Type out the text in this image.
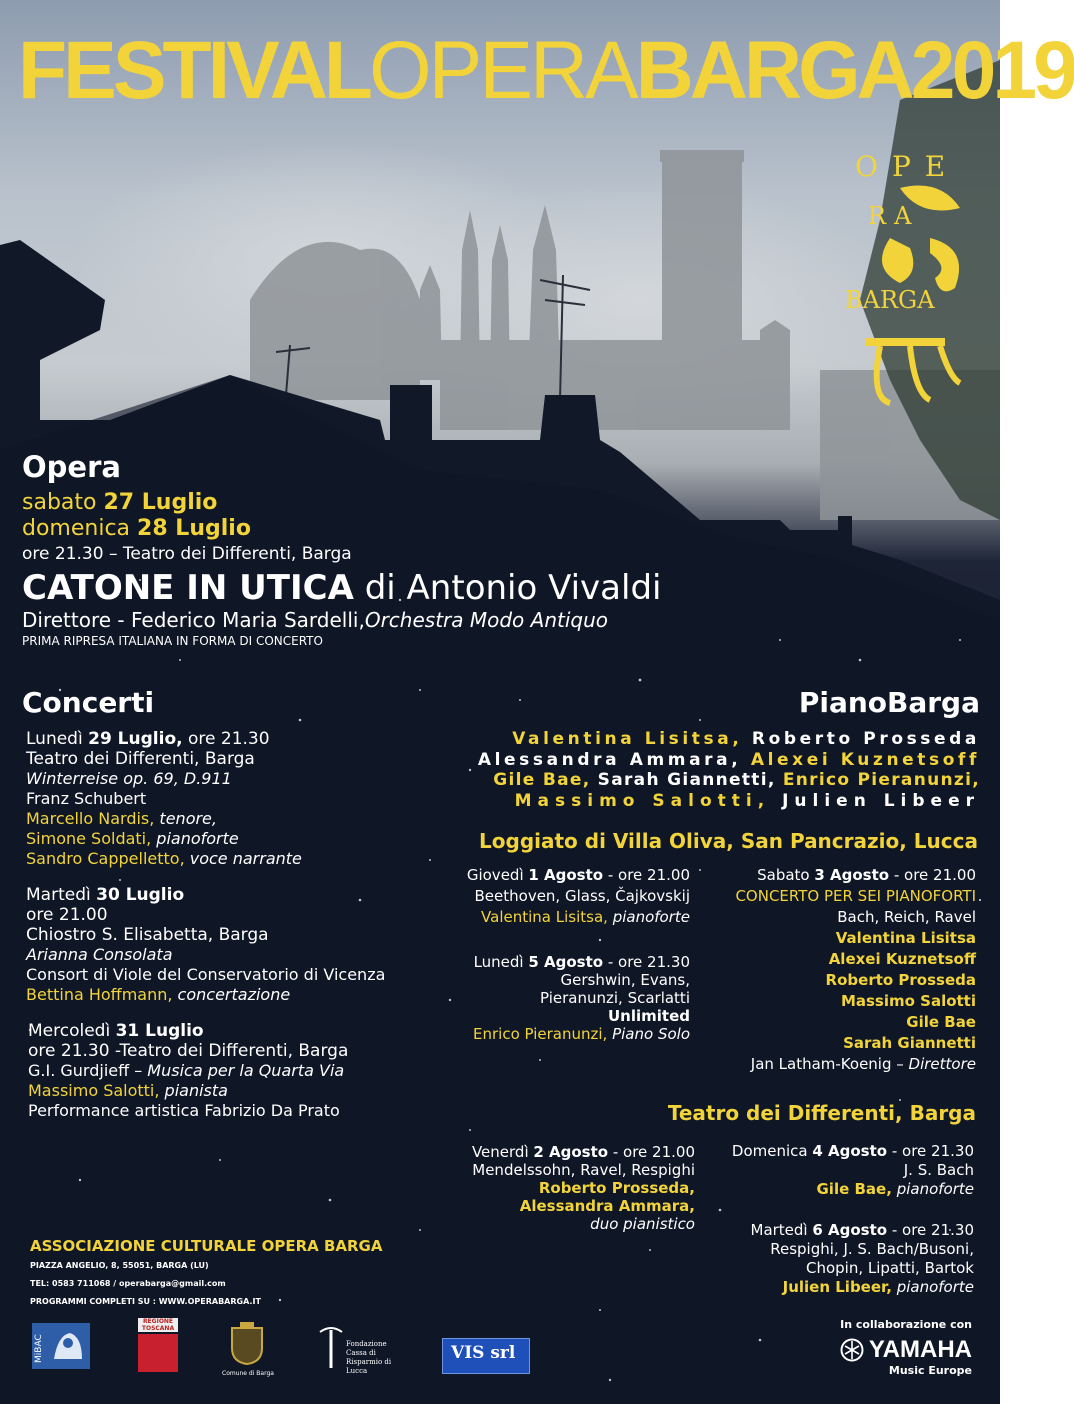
FESTIVALOPERABARGA2019
OPE
RA
BARGA

Opera

sabato 27 Luglio

domenica 28 Luglio

ore 21.30 – Teatro dei Differenti, Barga

CATONE IN UTICA di Antonio Vivaldi

Direttore - Federico Maria Sardelli,Orchestra Modo Antiquo

PRIMA RIPRESA ITALIANA IN FORMA DI CONCERTO

Concerti

Lunedì 29 Luglio, ore 21.30

Teatro dei Differenti, Barga

Winterreise op. 69, D.911

Franz Schubert

Marcello Nardis, tenore,

Simone Soldati, pianoforte

Sandro Cappelletto, voce narrante

Martedì 30 Luglio

ore 21.00

Chiostro S. Elisabetta, Barga

Arianna Consolata

Consort di Viole del Conservatorio di Vicenza

Bettina Hoffmann, concertazione

Mercoledì 31 Luglio

ore 21.30 -Teatro dei Differenti, Barga

G.I. Gurdjieff – Musica per la Quarta Via

Massimo Salotti, pianista

Performance artistica Fabrizio Da Prato

PianoBarga

Valentina Lisitsa, Roberto Prosseda

Alessandra Ammara, Alexei Kuznetsoff

Gile Bae, Sarah Giannetti, Enrico Pieranunzi,

Massimo Salotti, Julien Libeer

Loggiato di Villa Oliva, San Pancrazio, Lucca

Giovedì 1 Agosto - ore 21.00

Beethoven, Glass, Čajkovskij

Valentina Lisitsa, pianoforte

Lunedì 5 Agosto - ore 21.30

Gershwin, Evans,

Pieranunzi, Scarlatti

Unlimited

Enrico Pieranunzi, Piano Solo

Sabato 3 Agosto - ore 21.00

CONCERTO PER SEI PIANOFORTI

Bach, Reich, Ravel

Valentina Lisitsa

Alexei Kuznetsoff

Roberto Prosseda

Massimo Salotti

Gile Bae

Sarah Giannetti

Jan Latham-Koenig – Direttore

Teatro dei Differenti, Barga

Venerdì 2 Agosto - ore 21.00

Mendelssohn, Ravel, Respighi

Roberto Prosseda,

Alessandra Ammara,

duo pianistico

Domenica 4 Agosto - ore 21.30

J. S. Bach

Gile Bae, pianoforte

Martedì 6 Agosto - ore 21.30

Respighi, J. S. Bach/Busoni,

Chopin, Lipatti, Bartok

Julien Libeer, pianoforte

ASSOCIAZIONE CULTURALE OPERA BARGA

PIAZZA ANGELIO, 8, 55051, BARGA (LU)

TEL: 0583 711068 / operabarga@gmail.com

PROGRAMMI COMPLETI SU : WWW.OPERABARGA.IT

MiBAC
REGIONE TOSCANA
Comune di Barga
Fondazione Cassa di Risparmio di Lucca
VIS srl

In collaborazione con

YAMAHA

Music Europe
